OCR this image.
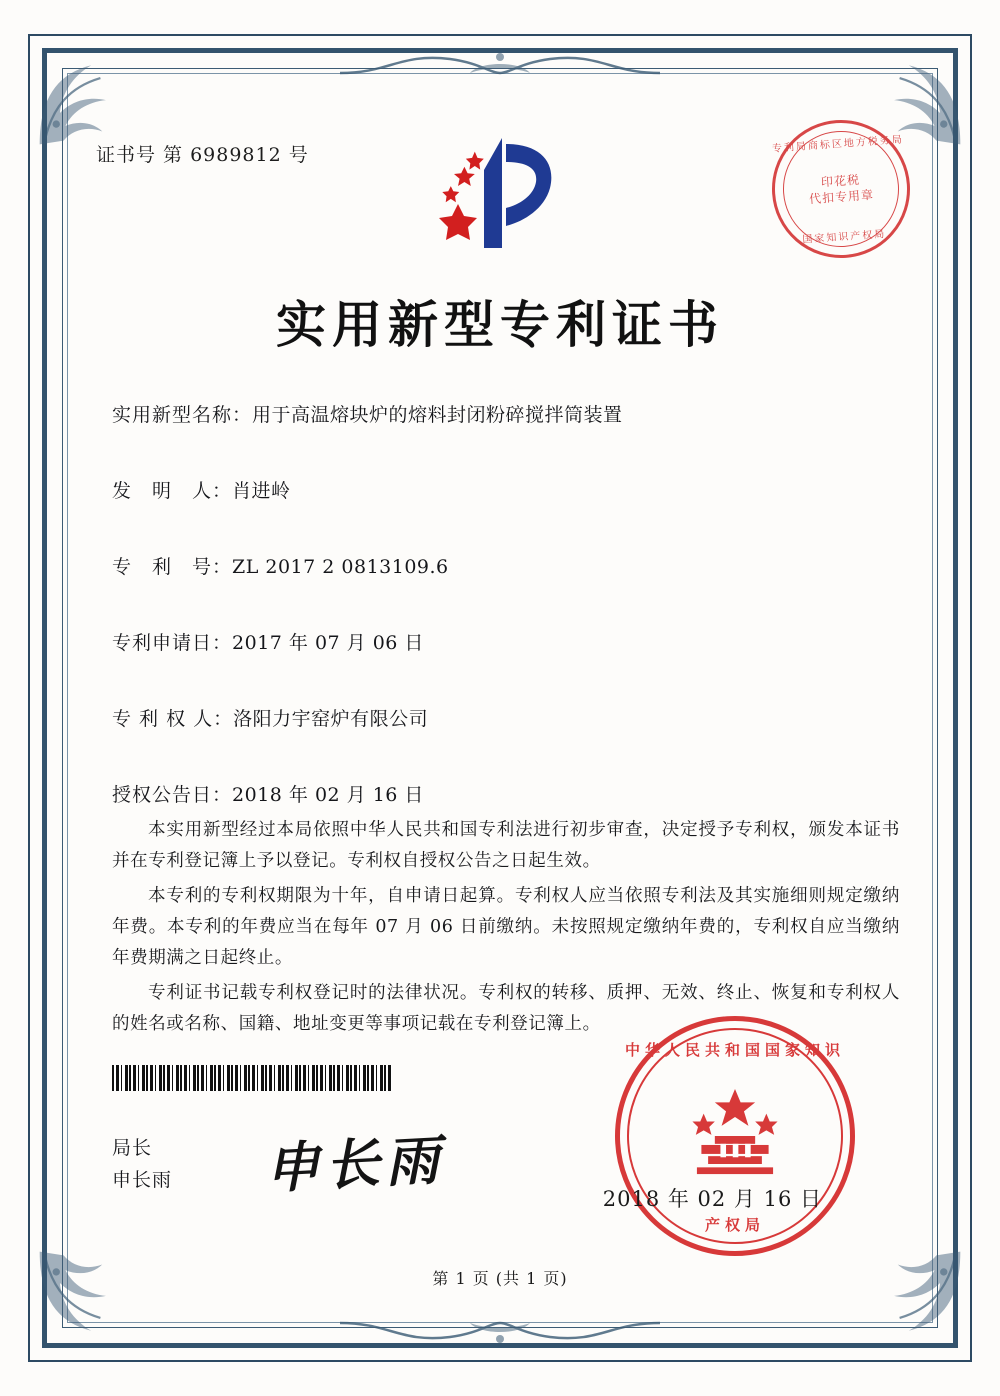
证书号 第 6989812 号	专利局商标区地方税务局
印花税
代扣专用章
国家知识产权局
实用新型专利证书
实用新型名称：用于高温熔块炉的熔料封闭粉碎搅拌筒装置
发　明　人：肖进岭
专　利　号：ZL 2017 2 0813109.6
专利申请日：2017 年 07 月 06 日
专 利 权 人：洛阳力宇窑炉有限公司
授权公告日：2018 年 02 月 16 日

本实用新型经过本局依照中华人民共和国专利法进行初步审查，决定授予专利权，颁发本证书并在专利登记簿上予以登记。专利权自授权公告之日起生效。

本专利的专利权期限为十年，自申请日起算。专利权人应当依照专利法及其实施细则规定缴纳年费。本专利的年费应当在每年 07 月 06 日前缴纳。未按照规定缴纳年费的，专利权自应当缴纳年费期满之日起终止。

专利证书记载专利权登记时的法律状况。专利权的转移、质押、无效、终止、恢复和专利权人的姓名或名称、国籍、地址变更等事项记载在专利登记簿上。

局长
申长雨 申长雨
中华人民共和国国家知识
产权局
2018 年 02 月 16 日
第 1 页 (共 1 页)
